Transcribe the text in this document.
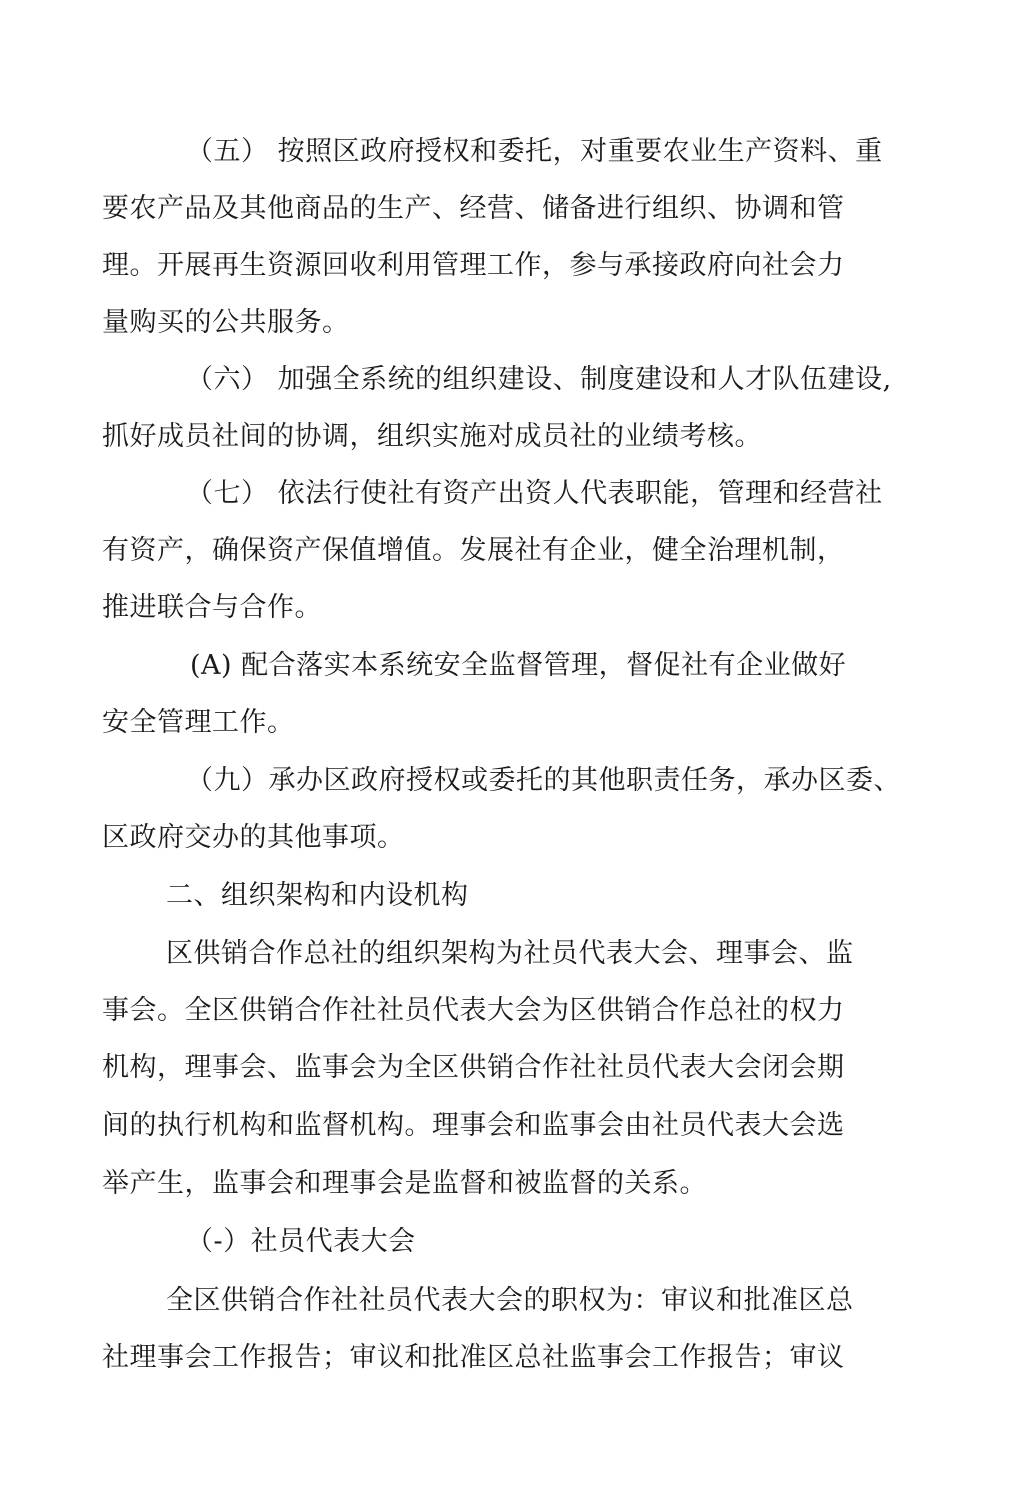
（五） 按照区政府授权和委托，对重要农业生产资料、重
要农产品及其他商品的生产、经营、储备进行组织、协调和管
理。开展再生资源回收利用管理工作，参与承接政府向社会力
量购买的公共服务。
（六） 加强全系统的组织建设、制度建设和人才队伍建设,
抓好成员社间的协调，组织实施对成员社的业绩考核。
（七） 依法行使社有资产出资人代表职能，管理和经营社
有资产，确保资产保值增值。发展社有企业，健全治理机制，
推进联合与合作。
(A) 配合落实本系统安全监督管理，督促社有企业做好
安全管理工作。
（九）承办区政府授权或委托的其他职责任务，承办区委、
区政府交办的其他事项。
二、组织架构和内设机构
区供销合作总社的组织架构为社员代表大会、理事会、监
事会。全区供销合作社社员代表大会为区供销合作总社的权力
机构，理事会、监事会为全区供销合作社社员代表大会闭会期
间的执行机构和监督机构。理事会和监事会由社员代表大会选
举产生，监事会和理事会是监督和被监督的关系。
（-）社员代表大会
全区供销合作社社员代表大会的职权为：审议和批准区总
社理事会工作报告；审议和批准区总社监事会工作报告；审议
